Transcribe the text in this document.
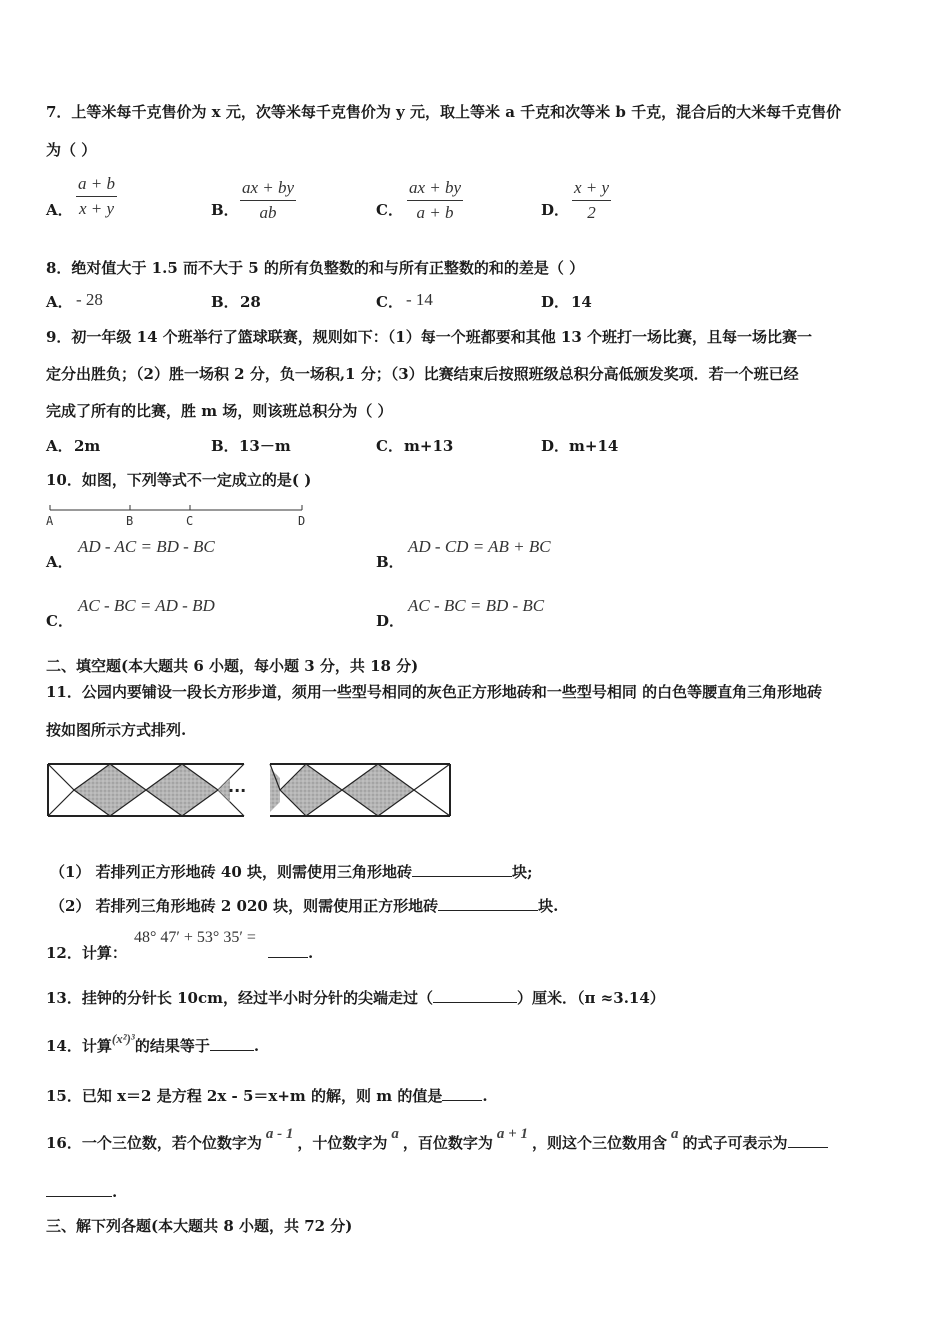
7．上等米每千克售价为 x 元，次等米每千克售价为 y 元，取上等米 a 千克和次等米 b 千克，混合后的大米每千克售价
为（ ）
A． $\frac{a + b}{x + y}$	B． $\frac{ax + by}{ab}$	C． $\frac{ax + by}{a + b}$	D． $\frac{x + y}{2}$
8．绝对值大于 1.5 而不大于 5 的所有负整数的和与所有正整数的和的差是（ ）
A． - 28	B． 28	C． - 14	D． 14
9．初一年级 14 个班举行了篮球联赛，规则如下：（1）每一个班都要和其他 13 个班打一场比赛，且每一场比赛一
定分出胜负；（2）胜一场积 2 分，负一场积,1 分；（3）比赛结束后按照班级总积分高低颁发奖项．若一个班已经
完成了所有的比赛，胜 m 场，则该班总积分为（ ）
A． 2m	B． 13－m	C． m+13	D． m+14
10．如图，下列等式不一定成立的是( )
A	B	C	D
A．
AD - AC = BD - BC
B．
AD - CD = AB + BC
C．
AC - BC = AD - BD
D．
AC - BC = BD - BC
二、填空题(本大题共 6 小题，每小题 3 分，共 18 分)
11．公园内要铺设一段长方形步道，须用一些型号相同的灰色正方形地砖和一些型号相同 的白色等腰直角三角形地砖
按如图所示方式排列.
···
（1） 若排列正方形地砖 40 块，则需使用三角形地砖	块;
（2） 若排列三角形地砖 2 020 块，则需使用正方形地砖	块.
12．计算：
48° 47′ + 53° 35′ =
.
13．挂钟的分针长 10cm，经过半小时分针的尖端走过（	）厘米．（π ≈3.14）
14．计算(x²)³的结果等于	.
15．已知 x＝2 是方程 2x - 5＝x+m 的解，则 m 的值是	.
16．一个三位数，若个位数字为 a - 1 ，十位数字为 a ，百位数字为 a + 1 ，则这个三位数用含 a 的式子可表示为
.
三、解下列各题(本大题共 8 小题，共 72 分)
